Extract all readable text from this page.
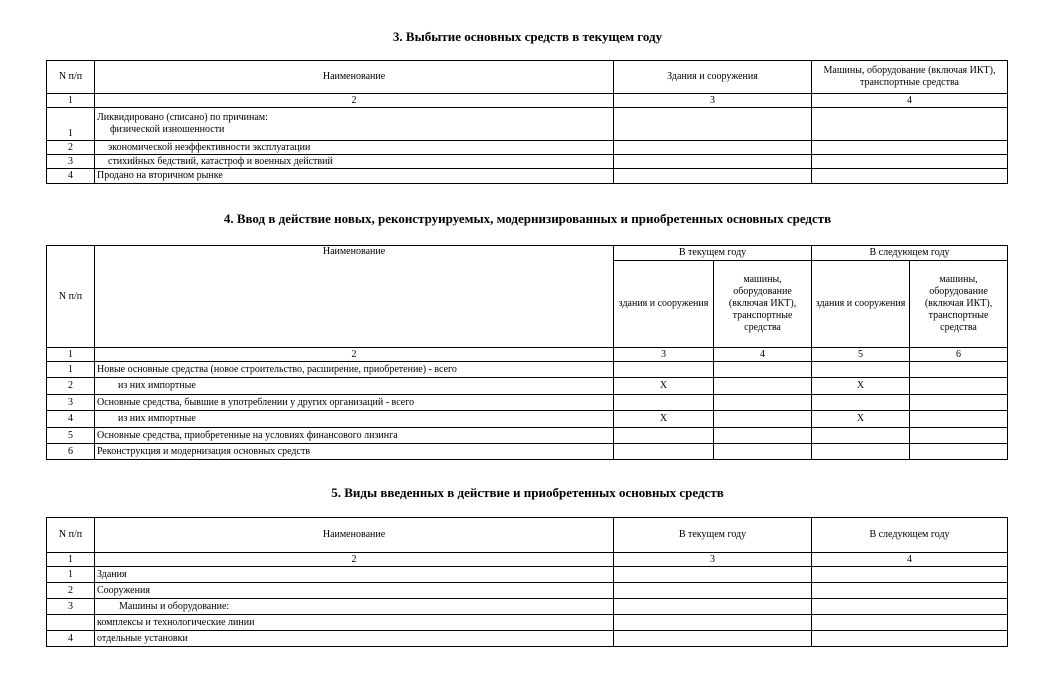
3. Выбытие основных средств в текущем году
N п/п	Наименование	Здания и сооружения	Машины, оборудование (включая ИКТ), транспортные средства
1	2	3	4
1	Ликвидировано (списано) по причинам:
физической изношенности		

2	экономической неэффективности эксплуатации		
3	стихийных бедствий, катастроф и военных действий		
4	Продано на вторичном рынке		
4. Ввод в действие новых, реконструируемых, модернизированных и приобретенных основных средств
N п/п	Наименование	В текущем году		В следующем году	
		здания и сооружения	машины, оборудование (включая ИКТ), транспортные средства	здания и сооружения	машины, оборудование (включая ИКТ), транспортные средства
1	2	3	4	5	6
1	Новые основные средства (новое строительство, расширение, приобретение) - всего				
2	из них импортные	X		X	
3	Основные средства, бывшие в употреблении у других организаций - всего				
4	из них импортные	X		X	
5	Основные средства, приобретенные на условиях финансового лизинга				
6	Реконструкция и модернизация основных средств				
5. Виды введенных в действие и приобретенных основных средств
N п/п	Наименование	В текущем году	В следующем году
1	2	3	4
1	Здания		
2	Сооружения		
3	Машины и оборудование:		
	комплексы и технологические линии		
4	отдельные установки		
